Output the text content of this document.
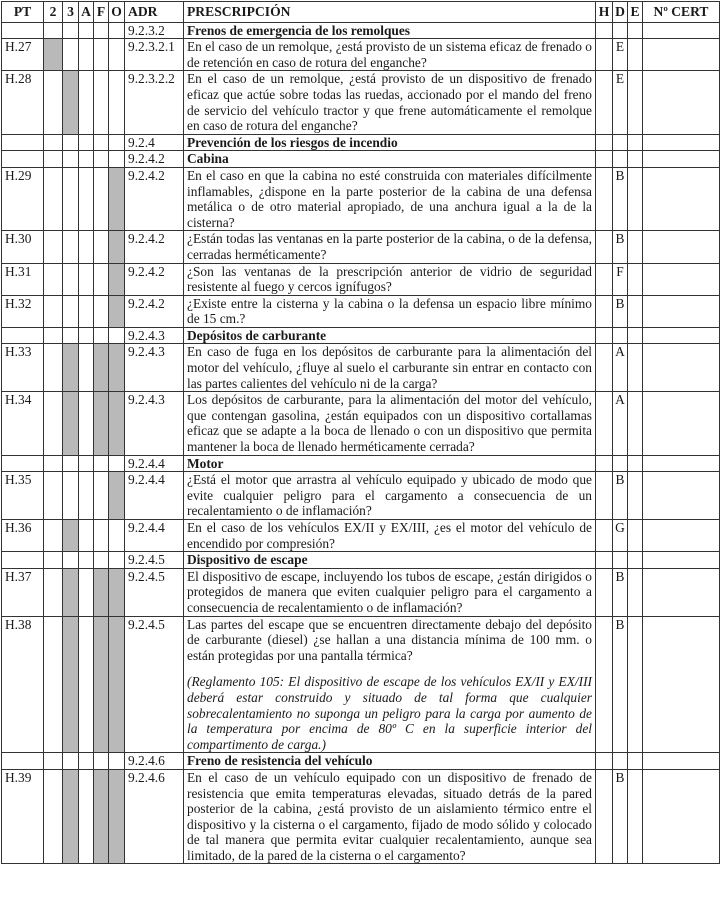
PT	2	3	A	F	O	ADR	PRESCRIPCIÓN	H	D	E	Nº CERT
						9.2.3.2	Frenos de emergencia de los remolques				
H.27						9.2.3.2.1	En el caso de un remolque, ¿está provisto de un sistema eficaz de frenado o de retención en caso de rotura del enganche?		E		
H.28						9.2.3.2.2	En el caso de un remolque, ¿está provisto de un dispositivo de frenado eficaz que actúe sobre todas las ruedas, accionado por el mando del freno de servicio del vehículo tractor y que frene automáticamente el remolque en caso de rotura del enganche?		E		
						9.2.4	Prevención de los riesgos de incendio				
						9.2.4.2	Cabina				
H.29						9.2.4.2	En el caso en que la cabina no esté construida con materiales difícilmente inflamables, ¿dispone en la parte posterior de la cabina de una defensa metálica o de otro material apropiado, de una anchura igual a la de la cisterna?		B		
H.30						9.2.4.2	¿Están todas las ventanas en la parte posterior de la cabina, o de la defensa, cerradas herméticamente?		B		
H.31						9.2.4.2	¿Son las ventanas de la prescripción anterior de vidrio de seguridad resistente al fuego y cercos ignífugos?		F		
H.32						9.2.4.2	¿Existe entre la cisterna y la cabina o la defensa un espacio libre mínimo de 15 cm.?		B		
						9.2.4.3	Depósitos de carburante				
H.33						9.2.4.3	En caso de fuga en los depósitos de carburante para la alimentación del motor del vehículo, ¿fluye al suelo el carburante sin entrar en contacto con las partes calientes del vehículo ni de la carga?		A		
H.34						9.2.4.3	Los depósitos de carburante, para la alimentación del motor del vehículo, que contengan gasolina, ¿están equipados con un dispositivo cortallamas eficaz que se adapte a la boca de llenado o con un dispositivo que permita mantener la boca de llenado herméticamente cerrada?		A		
						9.2.4.4	Motor				
H.35						9.2.4.4	¿Está el motor que arrastra al vehículo equipado y ubicado de modo que evite cualquier peligro para el cargamento a consecuencia de un recalentamiento o de inflamación?		B		
H.36						9.2.4.4	En el caso de los vehículos EX/II y EX/III, ¿es el motor del vehículo de encendido por compresión?		G		
						9.2.4.5	Dispositivo de escape				
H.37						9.2.4.5	El dispositivo de escape, incluyendo los tubos de escape, ¿están dirigidos o protegidos de manera que eviten cualquier peligro para el cargamento a consecuencia de recalentamiento o de inflamación?		B		
H.38						9.2.4.5	Las partes del escape que se encuentren directamente debajo del depósito de carburante (diesel) ¿se hallan a una distancia mínima de 100 mm. o están protegidas por una pantalla térmica?

(Reglamento 105: El dispositivo de escape de los vehículos EX/II y EX/III deberá estar construido y situado de tal forma que cualquier sobrecalentamiento no suponga un peligro para la carga por aumento de la temperatura por encima de 80º C en la superficie interior del compartimento de carga.)		B		
						9.2.4.6	Freno de resistencia del vehículo				
H.39						9.2.4.6	En el caso de un vehículo equipado con un dispositivo de frenado de resistencia que emita temperaturas elevadas, situado detrás de la pared posterior de la cabina, ¿está provisto de un aislamiento térmico entre el dispositivo y la cisterna o el cargamento, fijado de modo sólido y colocado de tal manera que permita evitar cualquier recalentamiento, aunque sea limitado, de la pared de la cisterna o el cargamento?		B		
